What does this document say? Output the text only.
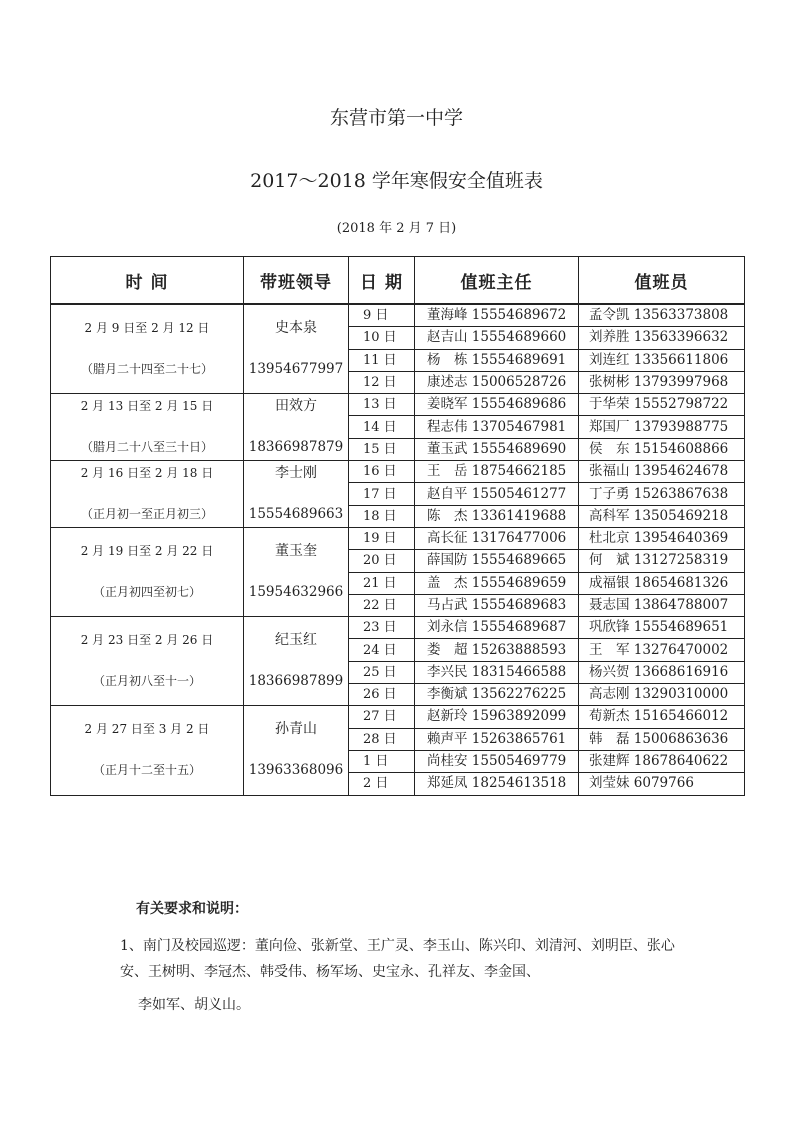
东营市第一中学
2017～2018 学年寒假安全值班表
(2018 年 2 月 7 日)
时 间	带班领导	日 期	值班主任	值班员

2 月 9 日至 2 月 12 日
（腊月二十四至二十七）	史本泉
13954677997	9 日	董海峰 15554689672	孟令凯 13563373808
		10 日	赵吉山 15554689660	刘养胜 13563396632
		11 日	杨　栋 15554689691	刘连红 13356611806
		12 日	康述志 15006528726	张树彬 13793997968

2 月 13 日至 2 月 15 日
（腊月二十八至三十日）	田效方
18366987879	13 日	姜晓军 15554689686	于华荣 15552798722
		14 日	程志伟 13705467981	郑国厂 13793988775
		15 日	董玉武 15554689690	侯　东 15154608866

2 月 16 日至 2 月 18 日
（正月初一至正月初三）	李士刚
15554689663	16 日	王　岳 18754662185	张福山 13954624678
		17 日	赵自平 15505461277	丁子勇 15263867638
		18 日	陈　杰 13361419688	高科军 13505469218

2 月 19 日至 2 月 22 日
（正月初四至初七）	董玉奎
15954632966	19 日	高长征 13176477006	杜北京 13954640369
		20 日	薛国防 15554689665	何　斌 13127258319
		21 日	盖　杰 15554689659	成福银 18654681326
		22 日	马占武 15554689683	聂志国 13864788007

2 月 23 日至 2 月 26 日
（正月初八至十一）	纪玉红
18366987899	23 日	刘永信 15554689687	巩欣锋 15554689651
		24 日	娄　超 15263888593	王　军 13276470002
		25 日	李兴民 18315466588	杨兴贺 13668616916
		26 日	李衡斌 13562276225	高志刚 13290310000

2 月 27 日至 3 月 2 日
（正月十二至十五）	孙青山
13963368096	27 日	赵新玲 15963892099	荀新杰 15165466012
		28 日	赖声平 15263865761	韩　磊 15006863636
		1 日	尚桂安 15505469779	张建辉 18678640622
		2 日	郑延凤 18254613518	刘莹妹 6079766
有关要求和说明：
1、南门及校园巡逻：董向俭、张新堂、王广灵、李玉山、陈兴印、刘清河、刘明臣、张心安、王树明、李冠杰、韩受伟、杨军场、史宝永、孔祥友、李金国、
李如军、胡义山。
